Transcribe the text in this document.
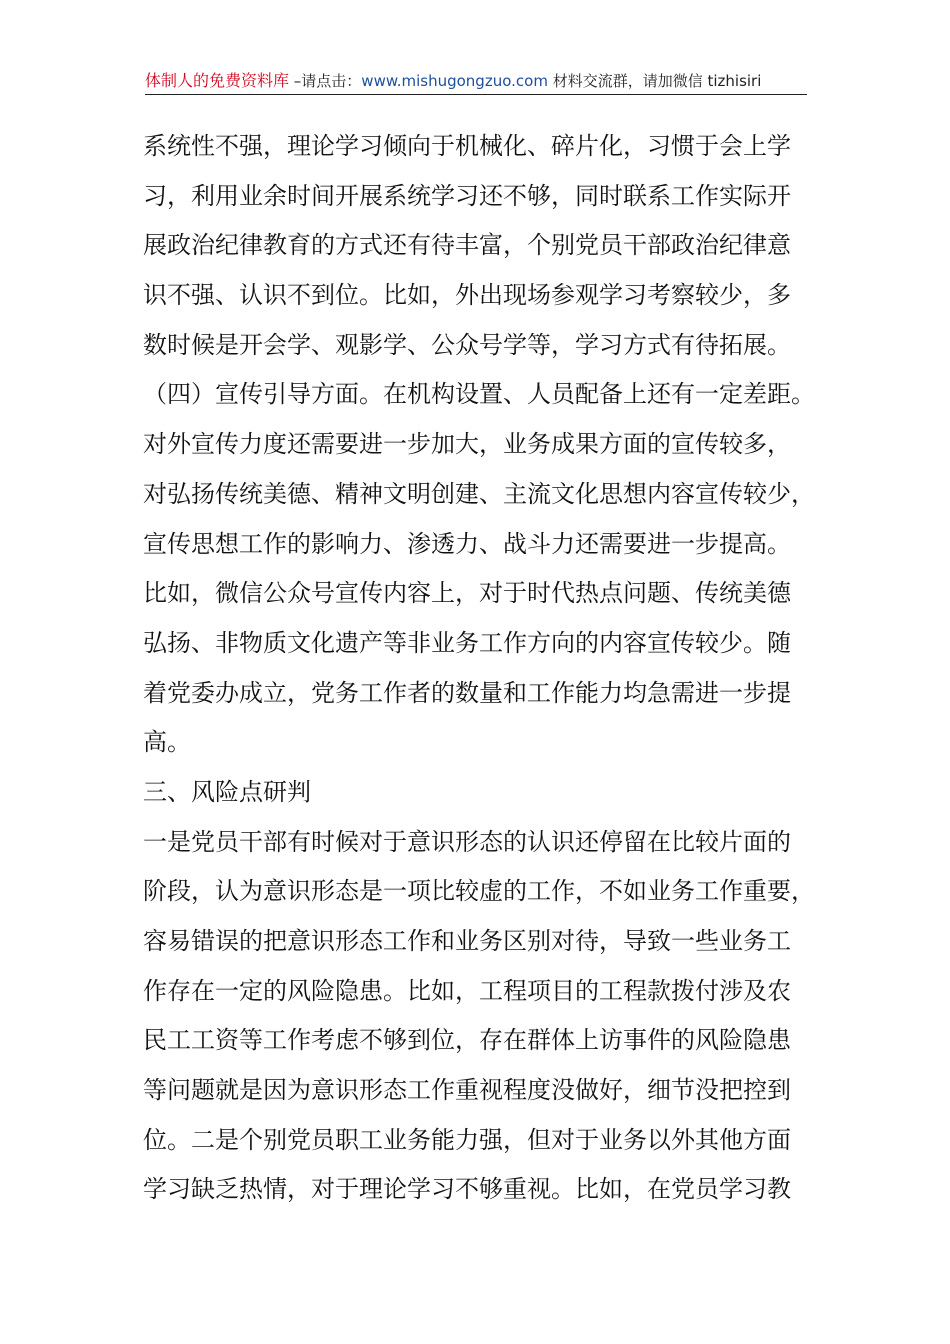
体制人的免费资料库 –请点击：www.mishugongzuo.com 材料交流群，请加微信 tizhisiri
系统性不强，理论学习倾向于机械化、碎片化，习惯于会上学
习，利用业余时间开展系统学习还不够，同时联系工作实际开
展政治纪律教育的方式还有待丰富，个别党员干部政治纪律意
识不强、认识不到位。比如，外出现场参观学习考察较少，多
数时候是开会学、观影学、公众号学等，学习方式有待拓展。
（四）宣传引导方面。在机构设置、人员配备上还有一定差距。
对外宣传力度还需要进一步加大，业务成果方面的宣传较多，
对弘扬传统美德、精神文明创建、主流文化思想内容宣传较少，
宣传思想工作的影响力、渗透力、战斗力还需要进一步提高。
比如，微信公众号宣传内容上，对于时代热点问题、传统美德
弘扬、非物质文化遗产等非业务工作方向的内容宣传较少。随
着党委办成立，党务工作者的数量和工作能力均急需进一步提
高。
三、风险点研判
一是党员干部有时候对于意识形态的认识还停留在比较片面的
阶段，认为意识形态是一项比较虚的工作，不如业务工作重要，
容易错误的把意识形态工作和业务区别对待，导致一些业务工
作存在一定的风险隐患。比如，工程项目的工程款拨付涉及农
民工工资等工作考虑不够到位，存在群体上访事件的风险隐患
等问题就是因为意识形态工作重视程度没做好，细节没把控到
位。二是个别党员职工业务能力强，但对于业务以外其他方面
学习缺乏热情，对于理论学习不够重视。比如，在党员学习教
